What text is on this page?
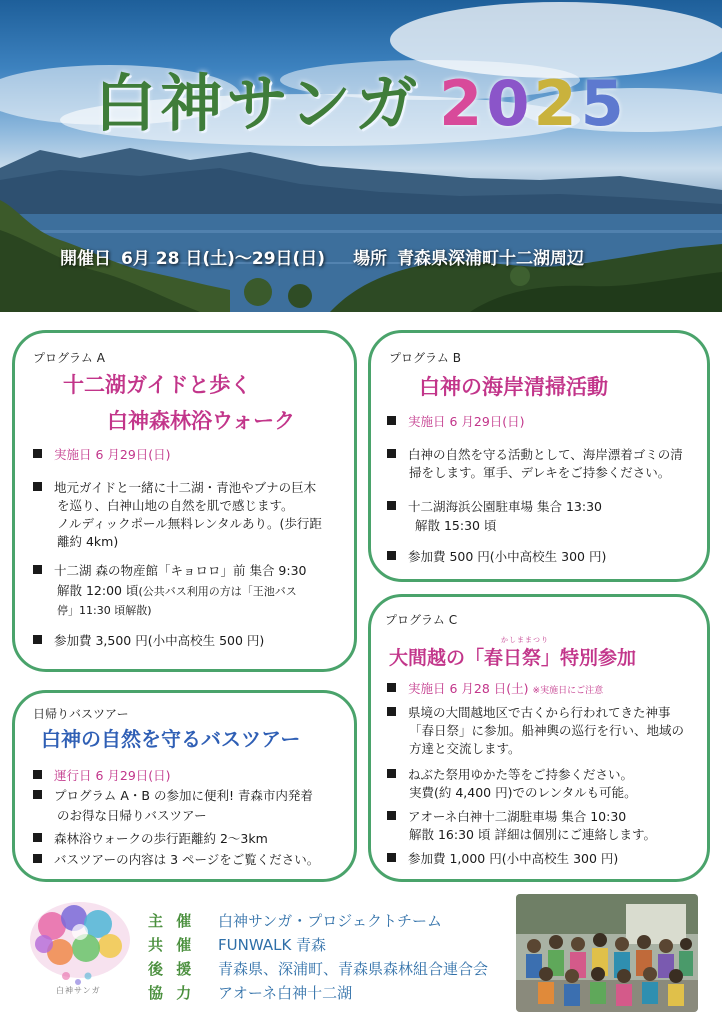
白神サンガ 2025
開催日 6月 28 日(土)〜29日(日) 場所 青森県深浦町十二湖周辺
プログラム A
十二湖ガイドと歩く
白神森林浴ウォーク
実施日 6 月29日(日)
地元ガイドと一緒に十二湖・青池やブナの巨木
を巡り、白神山地の自然を肌で感じます。
ノルディックポール無料レンタルあり。(歩行距
離約 4km)
十二湖 森の物産館「キョロロ」前 集合 9:30
解散 12:00 頃(公共バス利用の方は「王池バス
停」11:30 頃解散)
参加費 3,500 円(小中高校生 500 円)
プログラム B
白神の海岸清掃活動
実施日 6 月29日(日)
白神の自然を守る活動として、海岸漂着ゴミの清
掃をします。軍手、デレキをご持参ください。
十二湖海浜公園駐車場 集合 13:30
解散 15:30 頃
参加費 500 円(小中高校生 300 円)
日帰りバスツアー
白神の自然を守るバスツアー
運行日 6 月29日(日)
プログラム A・B の参加に便利! 青森市内発着
のお得な日帰りバスツアー
森林浴ウォークの歩行距離約 2〜3km
バスツアーの内容は 3 ページをご覧ください。
プログラム C
かしままつり
大間越の「春日祭」特別参加
実施日 6 月28 日(土) ※実施日にご注意
県境の大間越地区で古くから行われてきた神事
「春日祭」に参加。船神輿の巡行を行い、地域の
方達と交流します。
ねぶた祭用ゆかた等をご持参ください。
実費(約 4,400 円)でのレンタルも可能。
アオーネ白神十二湖駐車場 集合 10:30
解散 16:30 頃 詳細は個別にご連絡します。
参加費 1,000 円(小中高校生 300 円)
白神サンガ
主 催 白神サンガ・プロジェクトチーム
共 催 FUNWALK 青森
後 援 青森県、深浦町、青森県森林組合連合会
協 力 アオーネ白神十二湖
